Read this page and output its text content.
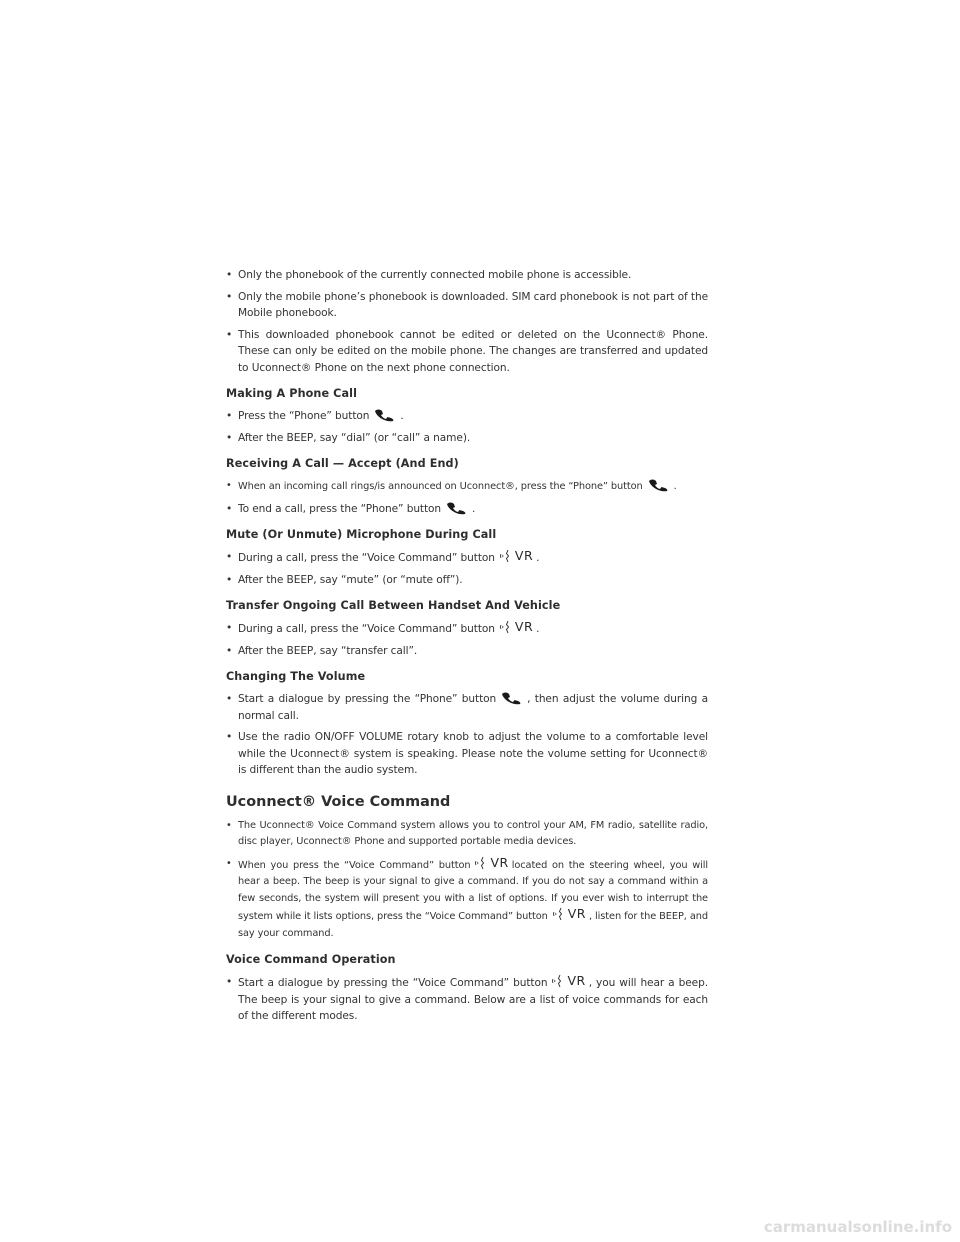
• Only the phonebook of the currently connected mobile phone is accessible.
• Only the mobile phone’s phonebook is downloaded. SIM card phonebook is not part of the Mobile phonebook.
• This downloaded phonebook cannot be edited or deleted on the Uconnect® Phone. These can only be edited on the mobile phone. The changes are transferred and updated to Uconnect® Phone on the next phone connection.
Making A Phone Call
• Press the “Phone” button	.
• After the BEEP, say “dial” (or “call” a name).
Receiving A Call — Accept (And End)
• When an incoming call rings/is announced on Uconnect®, press the “Phone” button	.
• To end a call, press the “Phone” button	.
Mute (Or Unmute) Microphone During Call
• During a call, press the “Voice Command” button VR .
• After the BEEP, say “mute” (or “mute off”).
Transfer Ongoing Call Between Handset And Vehicle
• During a call, press the “Voice Command” button VR .
• After the BEEP, say “transfer call”.
Changing The Volume
• Start a dialogue by pressing the “Phone” button	, then adjust the volume during a normal call.
• Use the radio ON/OFF VOLUME rotary knob to adjust the volume to a comfortable level while the Uconnect® system is speaking. Please note the volume setting for Uconnect® is different than the audio system.
Uconnect® Voice Command
• The Uconnect® Voice Command system allows you to control your AM, FM radio, satellite radio, disc player, Uconnect® Phone and supported portable media devices.
• When you press the “Voice Command” button VR located on the steering wheel, you will hear a beep. The beep is your signal to give a command. If you do not say a command within a few seconds, the system will present you with a list of options. If you ever wish to interrupt the system while it lists options, press the “Voice Command” button VR , listen for the BEEP, and say your command.
Voice Command Operation
• Start a dialogue by pressing the “Voice Command” button VR , you will hear a beep. The beep is your signal to give a command. Below are a list of voice commands for each of the different modes.
carmanualsonline.info
